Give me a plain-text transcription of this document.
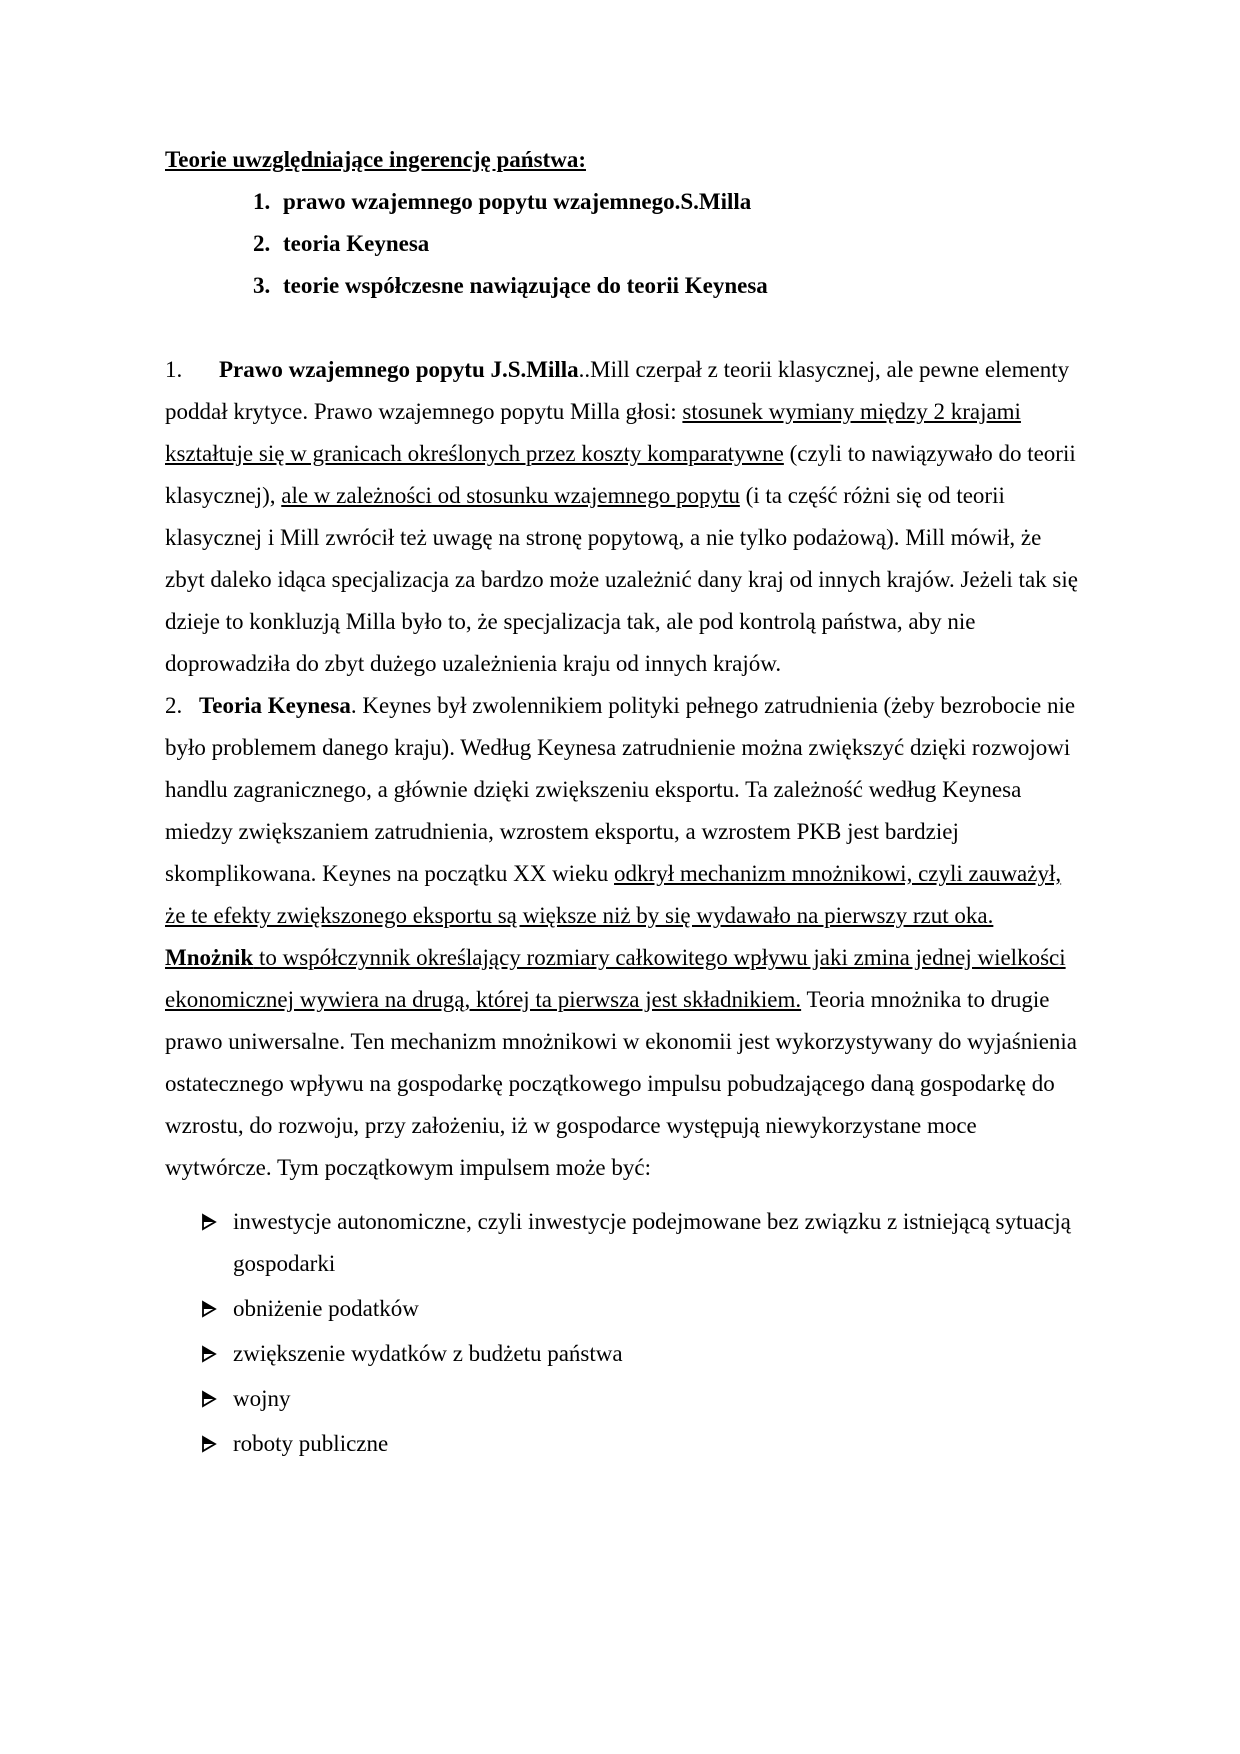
Teorie uwzględniające ingerencję państwa:

1. prawo wzajemnego popytu wzajemnego.S.Milla
2. teoria Keynesa
3. teorie współczesne nawiązujące do teorii Keynesa

1. Prawo wzajemnego popytu J.S.Milla..Mill czerpał z teorii klasycznej, ale pewne elementy poddał krytyce. Prawo wzajemnego popytu Milla głosi: stosunek wymiany między 2 krajami kształtuje się w granicach określonych przez koszty komparatywne (czyli to nawiązywało do teorii klasycznej), ale w zależności od stosunku wzajemnego popytu (i ta część różni się od teorii klasycznej i Mill zwrócił też uwagę na stronę popytową, a nie tylko podażową). Mill mówił, że zbyt daleko idąca specjalizacja za bardzo może uzależnić dany kraj od innych krajów. Jeżeli tak się dzieje to konkluzją Milla było to, że specjalizacja tak, ale pod kontrolą państwa, aby nie doprowadziła do zbyt dużego uzależnienia kraju od innych krajów.

2. Teoria Keynesa. Keynes był zwolennikiem polityki pełnego zatrudnienia (żeby bezrobocie nie było problemem danego kraju). Według Keynesa zatrudnienie można zwiększyć dzięki rozwojowi handlu zagranicznego, a głównie dzięki zwiększeniu eksportu. Ta zależność według Keynesa miedzy zwiększaniem zatrudnienia, wzrostem eksportu, a wzrostem PKB jest bardziej skomplikowana. Keynes na początku XX wieku odkrył mechanizm mnożnikowi, czyli zauważył, że te efekty zwiększonego eksportu są większe niż by się wydawało na pierwszy rzut oka. Mnożnik to współczynnik określający rozmiary całkowitego wpływu jaki zmina jednej wielkości ekonomicznej wywiera na drugą, której ta pierwsza jest składnikiem. Teoria mnożnika to drugie prawo uniwersalne. Ten mechanizm mnożnikowi w ekonomii jest wykorzystywany do wyjaśnienia ostatecznego wpływu na gospodarkę początkowego impulsu pobudzającego daną gospodarkę do wzrostu, do rozwoju, przy założeniu, iż w gospodarce występują niewykorzystane moce wytwórcze. Tym początkowym impulsem może być:

inwestycje autonomiczne, czyli inwestycje podejmowane bez związku z istniejącą sytuacją gospodarki
obniżenie podatków
zwiększenie wydatków z budżetu państwa
wojny
roboty publiczne
